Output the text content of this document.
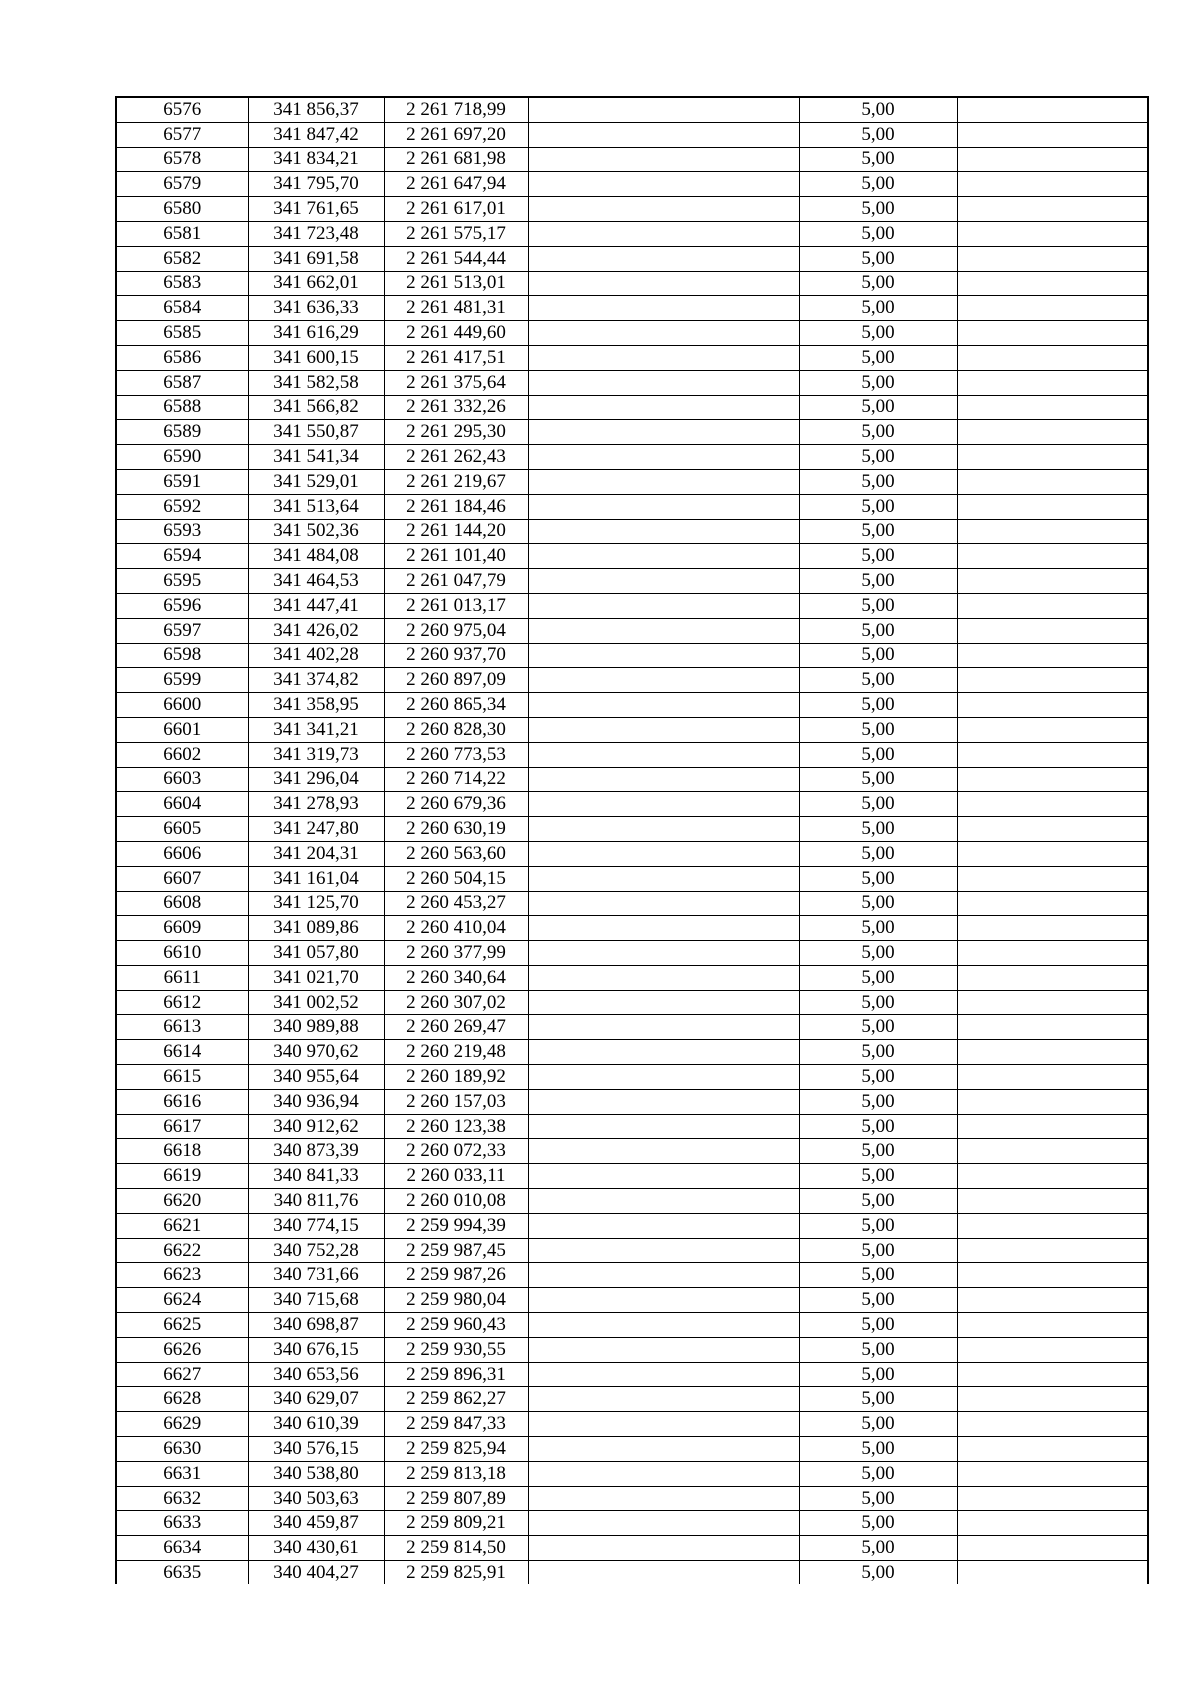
6576	341 856,37	2 261 718,99		5,00	
6577	341 847,42	2 261 697,20		5,00	
6578	341 834,21	2 261 681,98		5,00	
6579	341 795,70	2 261 647,94		5,00	
6580	341 761,65	2 261 617,01		5,00	
6581	341 723,48	2 261 575,17		5,00	
6582	341 691,58	2 261 544,44		5,00	
6583	341 662,01	2 261 513,01		5,00	
6584	341 636,33	2 261 481,31		5,00	
6585	341 616,29	2 261 449,60		5,00	
6586	341 600,15	2 261 417,51		5,00	
6587	341 582,58	2 261 375,64		5,00	
6588	341 566,82	2 261 332,26		5,00	
6589	341 550,87	2 261 295,30		5,00	
6590	341 541,34	2 261 262,43		5,00	
6591	341 529,01	2 261 219,67		5,00	
6592	341 513,64	2 261 184,46		5,00	
6593	341 502,36	2 261 144,20		5,00	
6594	341 484,08	2 261 101,40		5,00	
6595	341 464,53	2 261 047,79		5,00	
6596	341 447,41	2 261 013,17		5,00	
6597	341 426,02	2 260 975,04		5,00	
6598	341 402,28	2 260 937,70		5,00	
6599	341 374,82	2 260 897,09		5,00	
6600	341 358,95	2 260 865,34		5,00	
6601	341 341,21	2 260 828,30		5,00	
6602	341 319,73	2 260 773,53		5,00	
6603	341 296,04	2 260 714,22		5,00	
6604	341 278,93	2 260 679,36		5,00	
6605	341 247,80	2 260 630,19		5,00	
6606	341 204,31	2 260 563,60		5,00	
6607	341 161,04	2 260 504,15		5,00	
6608	341 125,70	2 260 453,27		5,00	
6609	341 089,86	2 260 410,04		5,00	
6610	341 057,80	2 260 377,99		5,00	
6611	341 021,70	2 260 340,64		5,00	
6612	341 002,52	2 260 307,02		5,00	
6613	340 989,88	2 260 269,47		5,00	
6614	340 970,62	2 260 219,48		5,00	
6615	340 955,64	2 260 189,92		5,00	
6616	340 936,94	2 260 157,03		5,00	
6617	340 912,62	2 260 123,38		5,00	
6618	340 873,39	2 260 072,33		5,00	
6619	340 841,33	2 260 033,11		5,00	
6620	340 811,76	2 260 010,08		5,00	
6621	340 774,15	2 259 994,39		5,00	
6622	340 752,28	2 259 987,45		5,00	
6623	340 731,66	2 259 987,26		5,00	
6624	340 715,68	2 259 980,04		5,00	
6625	340 698,87	2 259 960,43		5,00	
6626	340 676,15	2 259 930,55		5,00	
6627	340 653,56	2 259 896,31		5,00	
6628	340 629,07	2 259 862,27		5,00	
6629	340 610,39	2 259 847,33		5,00	
6630	340 576,15	2 259 825,94		5,00	
6631	340 538,80	2 259 813,18		5,00	
6632	340 503,63	2 259 807,89		5,00	
6633	340 459,87	2 259 809,21		5,00	
6634	340 430,61	2 259 814,50		5,00	
6635	340 404,27	2 259 825,91		5,00	
